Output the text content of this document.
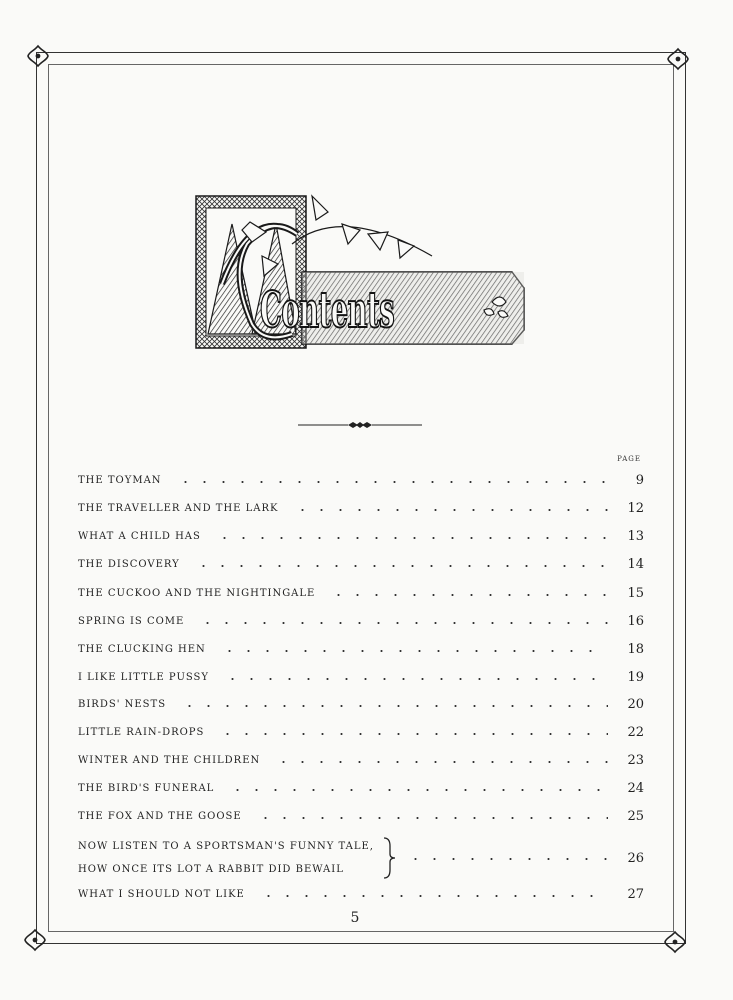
Contents
PAGE
THE TOYMAN	9
THE TRAVELLER AND THE LARK	12
WHAT A CHILD HAS	13
THE DISCOVERY	14
THE CUCKOO AND THE NIGHTINGALE	15
SPRING IS COME	16
THE CLUCKING HEN	18
I LIKE LITTLE PUSSY	19
BIRDS' NESTS	20
LITTLE RAIN-DROPS	22
WINTER AND THE CHILDREN	23
THE BIRD'S FUNERAL	24
THE FOX AND THE GOOSE	25
NOW LISTEN TO A SPORTSMAN'S FUNNY TALE,
HOW ONCE ITS LOT A RABBIT DID BEWAIL
26
WHAT I SHOULD NOT LIKE	27
5
